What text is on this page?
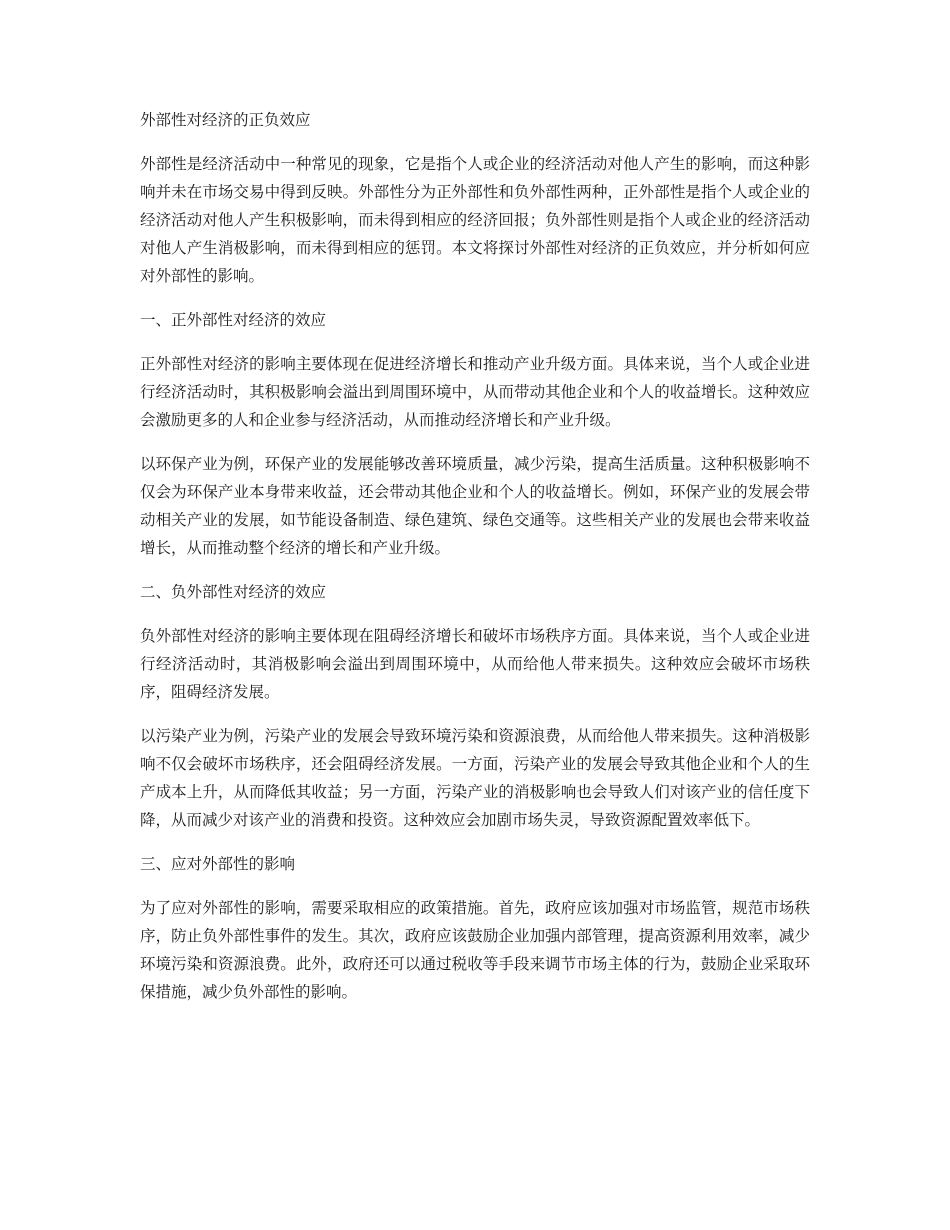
外部性对经济的正负效应

外部性是经济活动中一种常见的现象，它是指个人或企业的经济活动对他人产生的影响，而这种影响并未在市场交易中得到反映。外部性分为正外部性和负外部性两种，正外部性是指个人或企业的经济活动对他人产生积极影响，而未得到相应的经济回报；负外部性则是指个人或企业的经济活动对他人产生消极影响，而未得到相应的惩罚。本文将探讨外部性对经济的正负效应，并分析如何应对外部性的影响。

一、正外部性对经济的效应

正外部性对经济的影响主要体现在促进经济增长和推动产业升级方面。具体来说，当个人或企业进行经济活动时，其积极影响会溢出到周围环境中，从而带动其他企业和个人的收益增长。这种效应会激励更多的人和企业参与经济活动，从而推动经济增长和产业升级。

以环保产业为例，环保产业的发展能够改善环境质量，减少污染，提高生活质量。这种积极影响不仅会为环保产业本身带来收益，还会带动其他企业和个人的收益增长。例如，环保产业的发展会带动相关产业的发展，如节能设备制造、绿色建筑、绿色交通等。这些相关产业的发展也会带来收益增长，从而推动整个经济的增长和产业升级。

二、负外部性对经济的效应

负外部性对经济的影响主要体现在阻碍经济增长和破坏市场秩序方面。具体来说，当个人或企业进行经济活动时，其消极影响会溢出到周围环境中，从而给他人带来损失。这种效应会破坏市场秩序，阻碍经济发展。

以污染产业为例，污染产业的发展会导致环境污染和资源浪费，从而给他人带来损失。这种消极影响不仅会破坏市场秩序，还会阻碍经济发展。一方面，污染产业的发展会导致其他企业和个人的生产成本上升，从而降低其收益；另一方面，污染产业的消极影响也会导致人们对该产业的信任度下降，从而减少对该产业的消费和投资。这种效应会加剧市场失灵，导致资源配置效率低下。

三、应对外部性的影响

为了应对外部性的影响，需要采取相应的政策措施。首先，政府应该加强对市场监管，规范市场秩序，防止负外部性事件的发生。其次，政府应该鼓励企业加强内部管理，提高资源利用效率，减少环境污染和资源浪费。此外，政府还可以通过税收等手段来调节市场主体的行为，鼓励企业采取环保措施，减少负外部性的影响。
